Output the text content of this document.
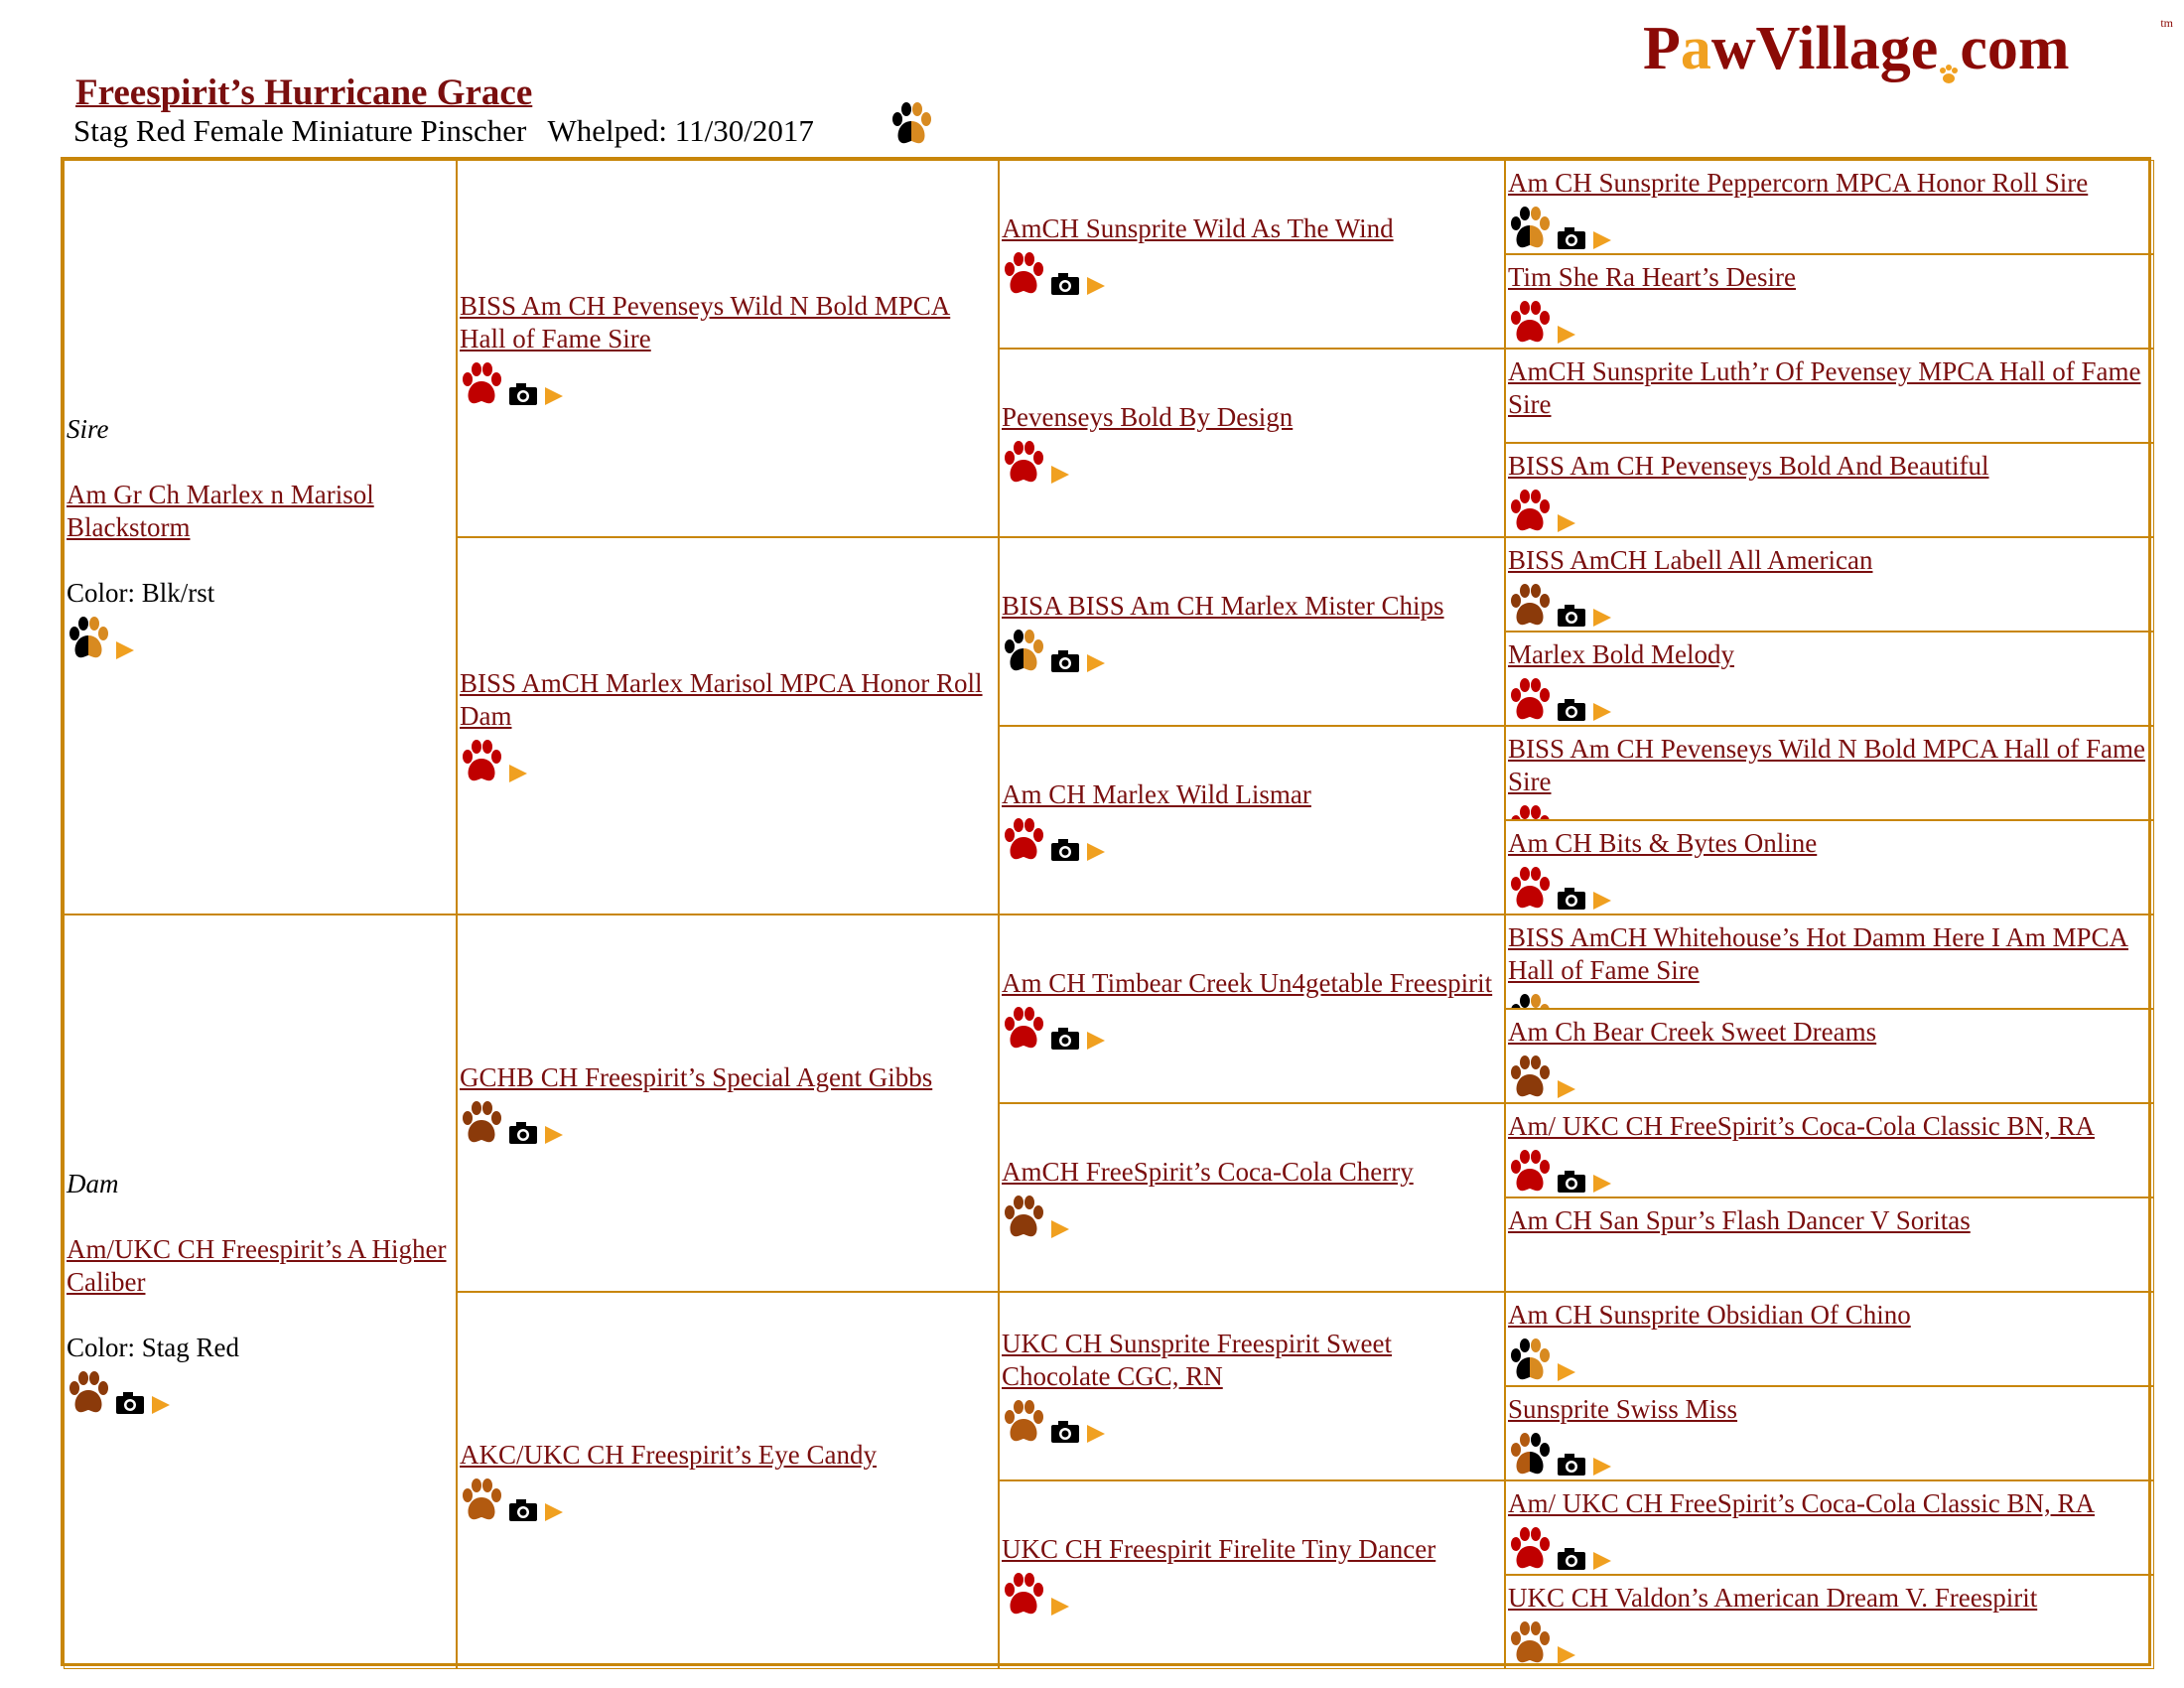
PawVillage com	tm
Freespirit’s Hurricane Grace
Stag Red Female Miniature Pinscher Whelped: 11/30/2017
Sire
Am Gr Ch Marlex n Marisol Blackstorm
Color: Blk/rst
Dam
Am/UKC CH Freespirit’s A Higher Caliber
Color: Stag Red
BISS Am CH Pevenseys Wild N Bold MPCA Hall of Fame Sire
BISS AmCH Marlex Marisol MPCA Honor Roll Dam
GCHB CH Freespirit’s Special Agent Gibbs
AKC/UKC CH Freespirit’s Eye Candy
AmCH Sunsprite Wild As The Wind
Pevenseys Bold By Design
BISA BISS Am CH Marlex Mister Chips
Am CH Marlex Wild Lismar
Am CH Timbear Creek Un4getable Freespirit
AmCH FreeSpirit’s Coca-Cola Cherry
UKC CH Sunsprite Freespirit Sweet Chocolate CGC, RN
UKC CH Freespirit Firelite Tiny Dancer
Am CH Sunsprite Peppercorn MPCA Honor Roll Sire
Tim She Ra Heart’s Desire
AmCH Sunsprite Luth’r Of Pevensey MPCA Hall of Fame Sire
BISS Am CH Pevenseys Bold And Beautiful
BISS AmCH Labell All American
Marlex Bold Melody
BISS Am CH Pevenseys Wild N Bold MPCA Hall of Fame Sire
Am CH Bits & Bytes Online
BISS AmCH Whitehouse’s Hot Damm Here I Am MPCA Hall of Fame Sire
Am Ch Bear Creek Sweet Dreams
Am/ UKC CH FreeSpirit’s Coca-Cola Classic BN, RA
Am CH San Spur’s Flash Dancer V Soritas
Am CH Sunsprite Obsidian Of Chino
Sunsprite Swiss Miss
Am/ UKC CH FreeSpirit’s Coca-Cola Classic BN, RA
UKC CH Valdon’s American Dream V. Freespirit
